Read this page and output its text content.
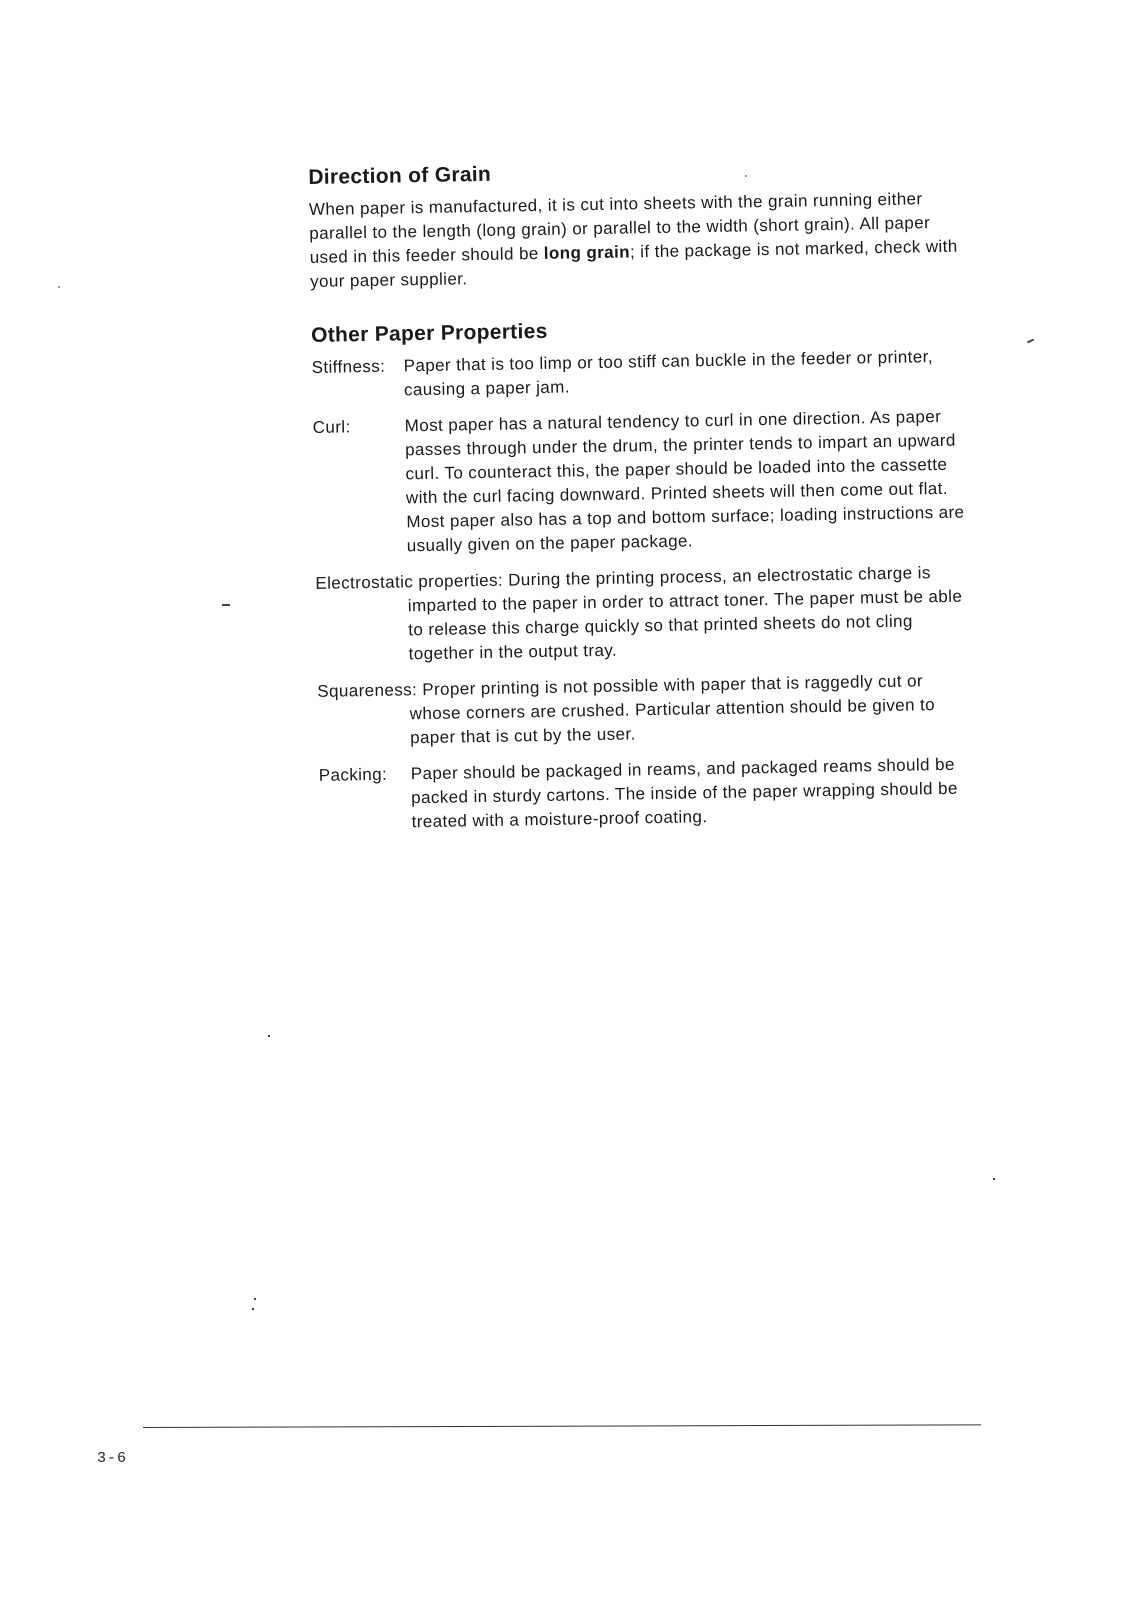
Direction of Grain

When paper is manufactured, it is cut into sheets with the grain running either parallel to the length (long grain) or parallel to the width (short grain). All paper used in this feeder should be long grain; if the package is not marked, check with your paper supplier.

Other Paper Properties
Stiffness:	Paper that is too limp or too stiff can buckle in the feeder or printer, causing a paper jam.
Curl:	Most paper has a natural tendency to curl in one direction. As paper passes through under the drum, the printer tends to impart an upward curl. To counteract this, the paper should be loaded into the cassette with the curl facing downward. Printed sheets will then come out flat. Most paper also has a top and bottom surface; loading instructions are usually given on the paper package.
Electrostatic properties: During the printing process, an electrostatic charge is imparted to the paper in order to attract toner. The paper must be able to release this charge quickly so that printed sheets do not cling together in the output tray.
Squareness: Proper printing is not possible with paper that is raggedly cut or whose corners are crushed. Particular attention should be given to paper that is cut by the user.
Packing:	Paper should be packaged in reams, and packaged reams should be packed in sturdy cartons. The inside of the paper wrapping should be treated with a moisture-proof coating.
3-6
